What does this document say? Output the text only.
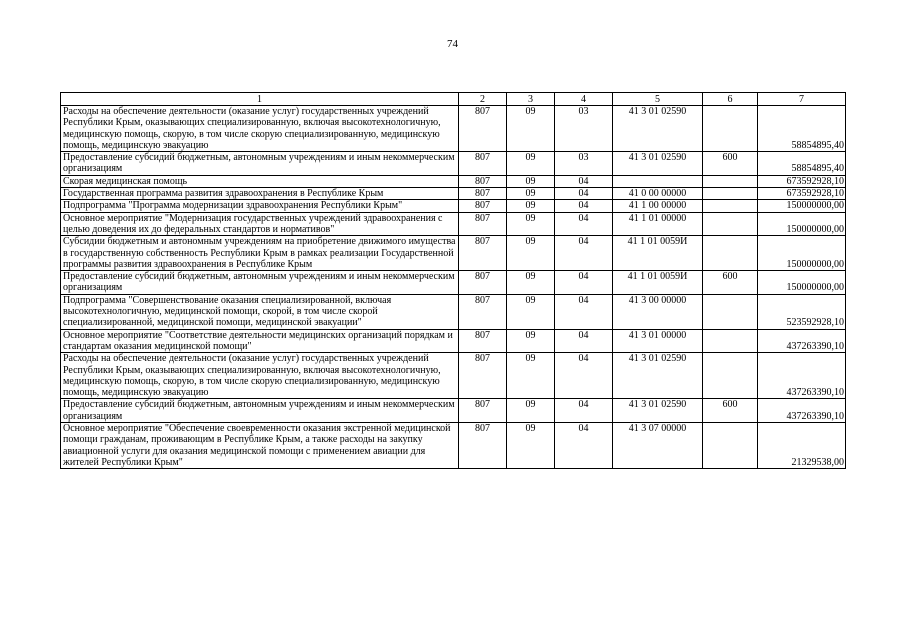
74
1	2	3	4	5	6	7
Расходы на обеспечение деятельности (оказание услуг) государственных учреждений Республики Крым, оказывающих специализированную, включая высокотехнологичную, медицинскую помощь, скорую, в том числе скорую специализированную, медицинскую помощь, медицинскую эвакуацию	807	09	03	41 3 01 02590		58854895,40
Предоставление субсидий бюджетным, автономным учреждениям и иным некоммерческим организациям	807	09	03	41 3 01 02590	600	58854895,40
Скорая медицинская помощь	807	09	04			673592928,10
Государственная программа развития здравоохранения в Республике Крым	807	09	04	41 0 00 00000		673592928,10
Подпрограмма "Программа модернизации здравоохранения Республики Крым"	807	09	04	41 1 00 00000		150000000,00
Основное мероприятие "Модернизация государственных учреждений здравоохранения с целью доведения их до федеральных стандартов и нормативов"	807	09	04	41 1 01 00000		150000000,00
Субсидии бюджетным и автономным учреждениям на приобретение движимого имущества в государственную собственность Республики Крым в рамках реализации Государственной программы развития здравоохранения в Республике Крым	807	09	04	41 1 01 0059И		150000000,00
Предоставление субсидий бюджетным, автономным учреждениям и иным некоммерческим организациям	807	09	04	41 1 01 0059И	600	150000000,00
Подпрограмма "Совершенствование оказания специализированной, включая высокотехнологичную, медицинской помощи, скорой, в том числе скорой специализированной, медицинской помощи, медицинской эвакуации"	807	09	04	41 3 00 00000		523592928,10
Основное мероприятие "Соответствие деятельности медицинских организаций порядкам и стандартам оказания медицинской помощи"	807	09	04	41 3 01 00000		437263390,10
Расходы на обеспечение деятельности (оказание услуг) государственных учреждений Республики Крым, оказывающих специализированную, включая высокотехнологичную, медицинскую помощь, скорую, в том числе скорую специализированную, медицинскую помощь, медицинскую эвакуацию	807	09	04	41 3 01 02590		437263390,10
Предоставление субсидий бюджетным, автономным учреждениям и иным некоммерческим организациям	807	09	04	41 3 01 02590	600	437263390,10
Основное мероприятие "Обеспечение своевременности оказания экстренной медицинской помощи гражданам, проживающим в Республике Крым, а также расходы на закупку авиационной услуги для оказания медицинской помощи с применением авиации для жителей Республики Крым"	807	09	04	41 3 07 00000		21329538,00
